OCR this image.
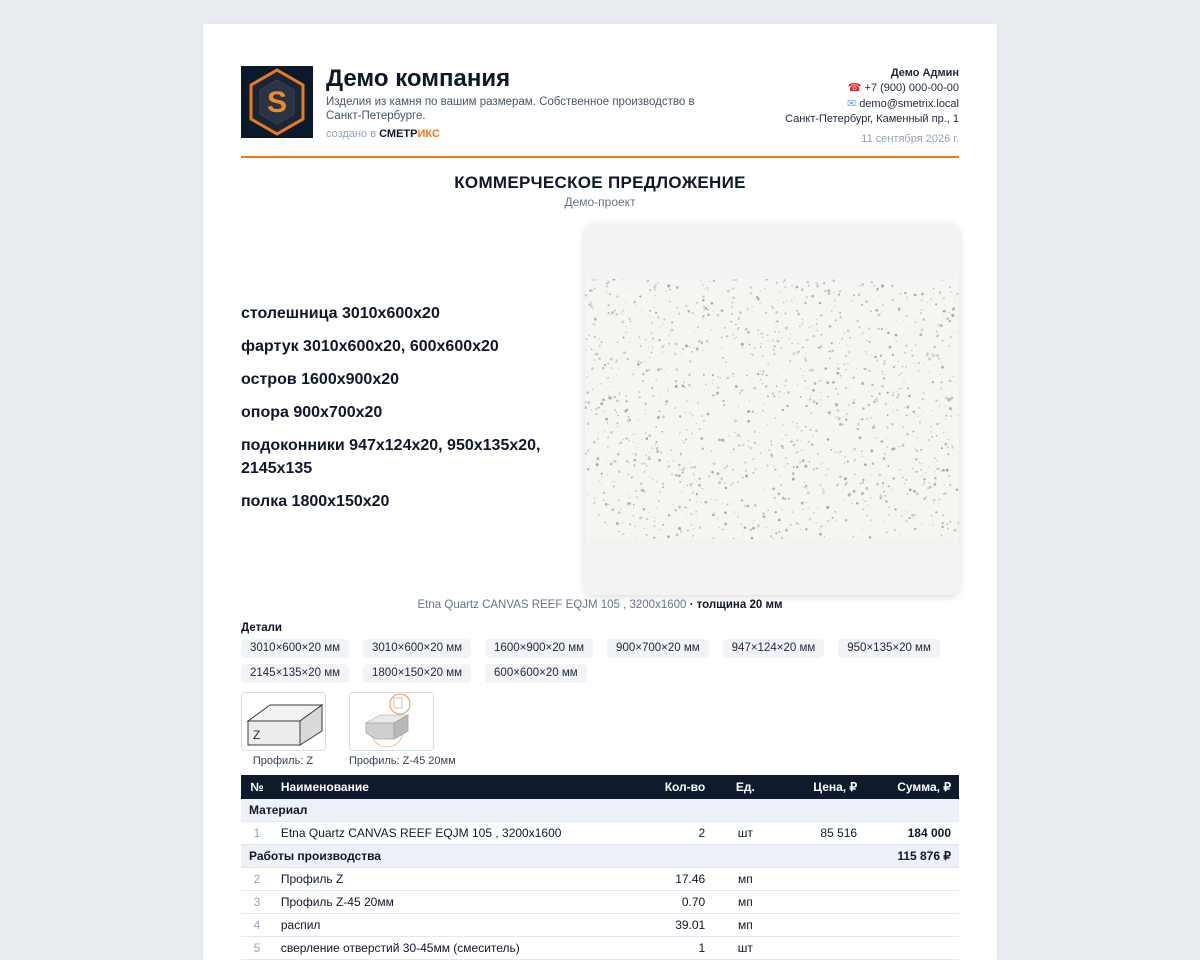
S
Демо компания
Изделия из камня по вашим размерам. Собственное производство в Санкт-Петербурге.
создано в СМЕТРИКС
Демо Админ
☎ +7 (900) 000-00-00
✉ demo@smetrix.local
Санкт-Петербург, Каменный пр., 1
11 сентября 2026 г.
КОММЕРЧЕСКОЕ ПРЕДЛОЖЕНИЕ
Демо-проект
столешница 3010x600x20
фартук 3010x600x20, 600x600x20
остров 1600x900x20
опора 900x700x20
подоконники 947x124x20, 950x135x20, 2145x135
полка 1800x150x20
Etna Quartz CANVAS REEF EQJM 105 , 3200x1600 · толщина 20 мм
Детали
3010×600×20 мм	3010×600×20 мм	1600×900×20 мм	900×700×20 мм	947×124×20 мм	950×135×20 мм
2145×135×20 мм	1800×150×20 мм	600×600×20 мм
Z
Профиль: Z	Профиль: Z-45 20мм
№	Наименование	Кол-во	Ед.	Цена, ₽	Сумма, ₽
Материал					
1	Etna Quartz CANVAS REEF EQJM 105 , 3200x1600	2	шт	85 516	184 000
Работы производства					115 876 ₽
2	Профиль Z	17.46	мп		
3	Профиль Z-45 20мм	0.70	мп		
4	распил	39.01	мп		
5	сверление отверстий 30-45мм (смеситель)	1	шт		
